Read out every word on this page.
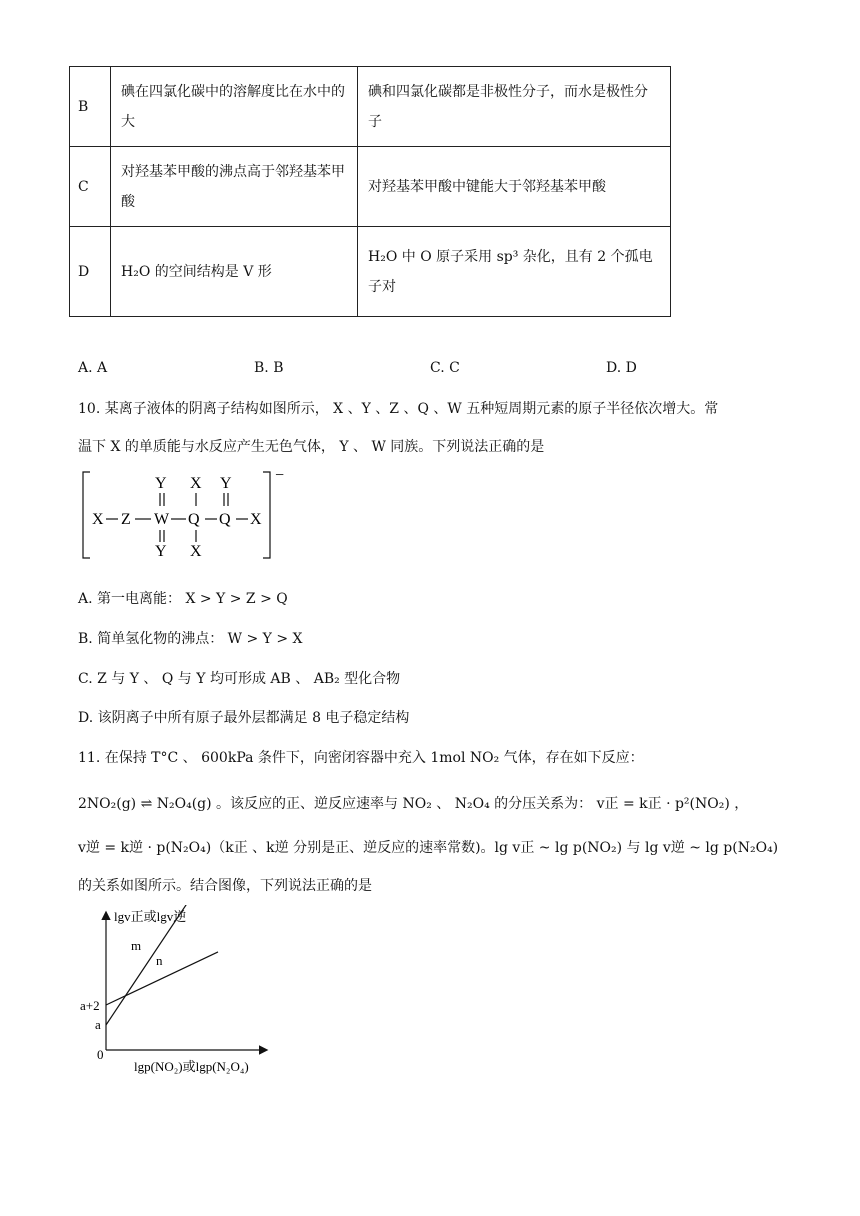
B	碘在四氯化碳中的溶解度比在水中的大	碘和四氯化碳都是非极性分子，而水是极性分子
C	对羟基苯甲酸的沸点高于邻羟基苯甲酸	对羟基苯甲酸中键能大于邻羟基苯甲酸
D	H₂O 的空间结构是 V 形	H₂O 中 O 原子采用 sp³ 杂化，且有 2 个孤电子对
A. A	B. B	C. C	D. D
10. 某离子液体的阴离子结构如图所示， X 、Y 、Z 、Q 、W 五种短周期元素的原子半径依次增大。常
温下 X 的单质能与水反应产生无色气体， Y 、 W 同族。下列说法正确的是
−
Y X Y
X Z W Q Q X
Y X
A. 第一电离能： X > Y > Z > Q
B. 简单氢化物的沸点： W > Y > X
C. Z 与 Y 、 Q 与 Y 均可形成 AB 、 AB₂ 型化合物
D. 该阴离子中所有原子最外层都满足 8 电子稳定结构
11. 在保持 T°C 、 600kPa 条件下，向密闭容器中充入 1mol NO₂ 气体，存在如下反应：
2NO₂(g) ⇌ N₂O₄(g) 。该反应的正、逆反应速率与 NO₂ 、 N₂O₄ 的分压关系为： v正 = k正 · p²(NO₂) ，
v逆 = k逆 · p(N₂O₄)（k正 、k逆 分别是正、逆反应的速率常数)。lg v正 ~ lg p(NO₂) 与 lg v逆 ~ lg p(N₂O₄)
的关系如图所示。结合图像，下列说法正确的是
lgv正或lgv逆
lgp(NO₂)或lgp(N₂O₄)
0
a
a+2
m
n
